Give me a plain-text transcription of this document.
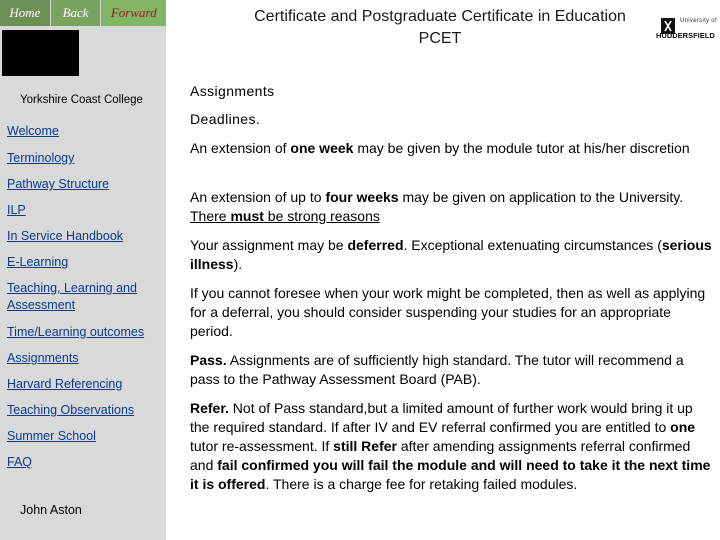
Home	Back	Forward
Yorkshire Coast College
Welcome
Terminology
Pathway Structure
ILP
In Service Handbook
E-Learning
Teaching, Learning and Assessment
Time/Learning outcomes
Assignments
Harvard Referencing
Teaching Observations
Summer School
FAQ
John Aston
Certificate and Postgraduate Certificate in Education
PCET
University of
HUDDERSFIELD
Assignments
Deadlines.
An extension of one week may be given by the module tutor at his/her discretion
An extension of up to four weeks may be given on application to the University. There must be strong reasons
Your assignment may be deferred. Exceptional extenuating circumstances (serious illness).
If you cannot foresee when your work might be completed, then as well as applying for a deferral, you should consider suspending your studies for an appropriate period.
Pass. Assignments are of sufficiently high standard. The tutor will recommend a pass to the Pathway Assessment Board (PAB).
Refer. Not of Pass standard,but a limited amount of further work would bring it up the required standard. If after IV and EV referral confirmed you are entitled to one tutor re-assessment. If still Refer after amending assignments referral confirmed and fail confirmed you will fail the module and will need to take it the next time it is offered. There is a charge fee for retaking failed modules.
